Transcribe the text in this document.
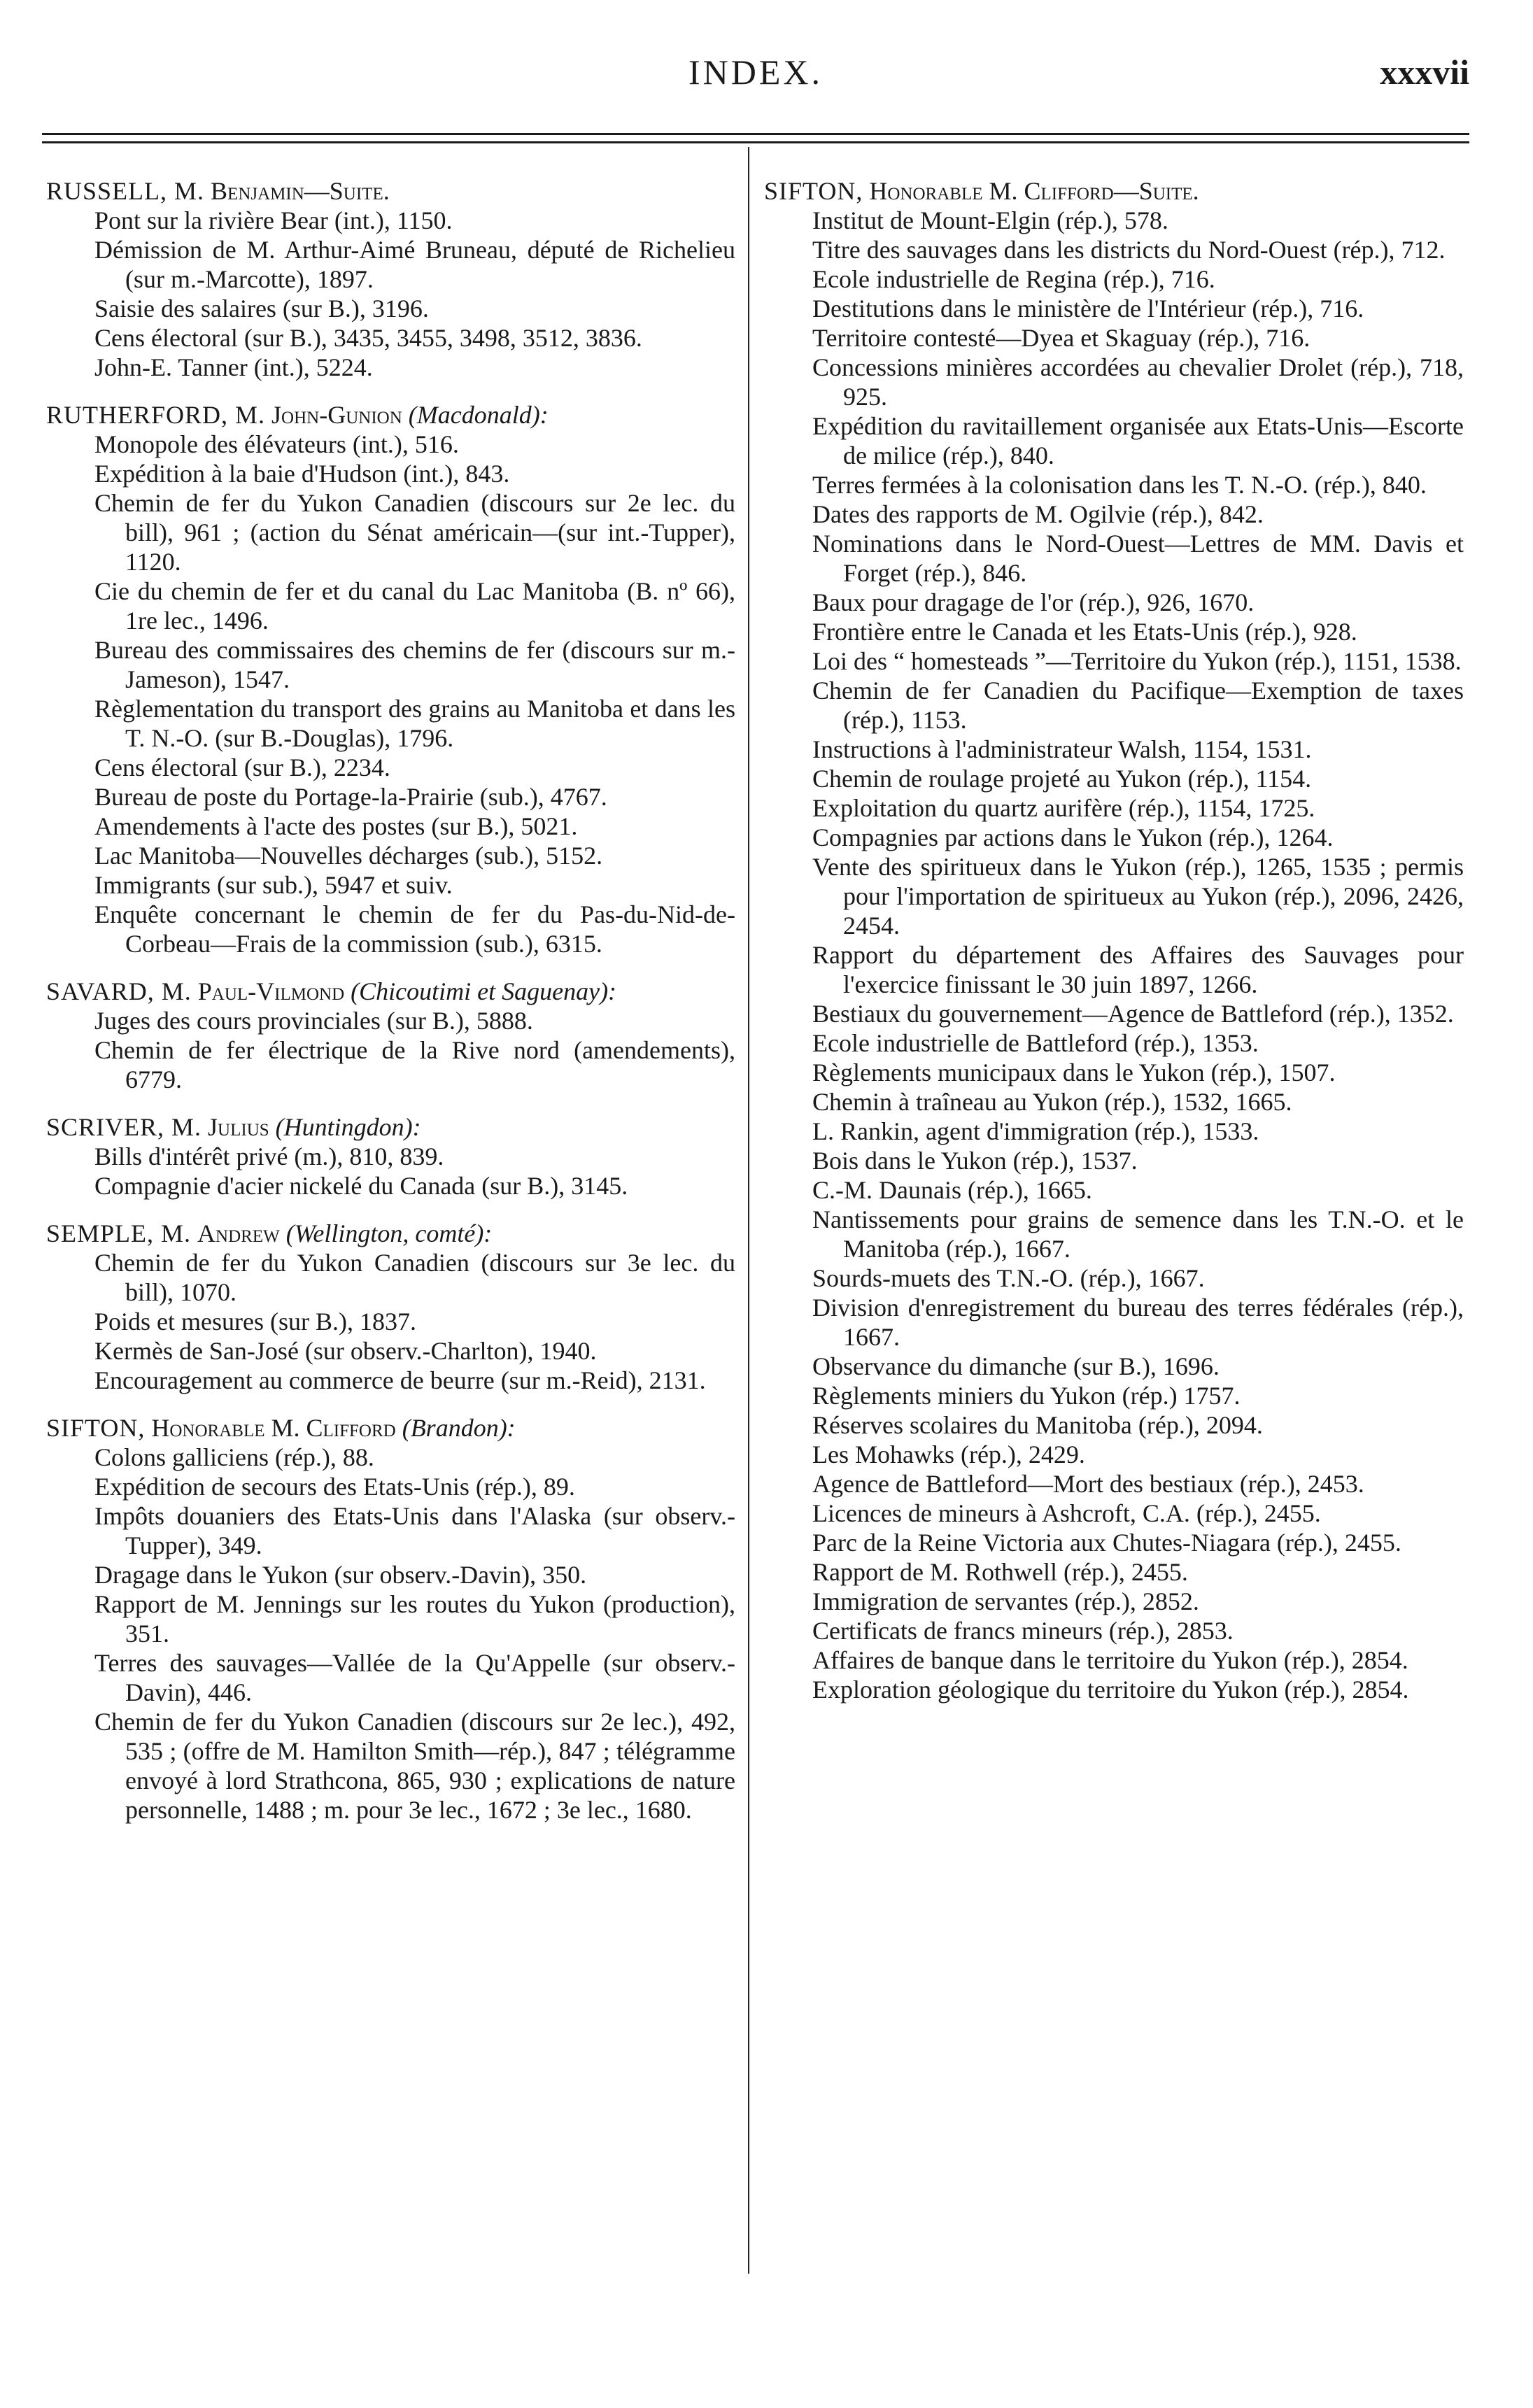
INDEX.	xxxvii

RUSSELL, M. Benjamin—Suite.

Pont sur la rivière Bear (int.), 1150.

Démission de M. Arthur-Aimé Bruneau, député de Richelieu (sur m.-Marcotte), 1897.

Saisie des salaires (sur B.), 3196.

Cens électoral (sur B.), 3435, 3455, 3498, 3512, 3836.

John-E. Tanner (int.), 5224.

RUTHERFORD, M. John-Gunion (Macdonald):

Monopole des élévateurs (int.), 516.

Expédition à la baie d'Hudson (int.), 843.

Chemin de fer du Yukon Canadien (discours sur 2e lec. du bill), 961 ; (action du Sénat américain—(sur int.-Tupper), 1120.

Cie du chemin de fer et du canal du Lac Manitoba (B. nº 66), 1re lec., 1496.

Bureau des commissaires des chemins de fer (discours sur m.-Jameson), 1547.

Règlementation du transport des grains au Manitoba et dans les T. N.-O. (sur B.-Douglas), 1796.

Cens électoral (sur B.), 2234.

Bureau de poste du Portage-la-Prairie (sub.), 4767.

Amendements à l'acte des postes (sur B.), 5021.

Lac Manitoba—Nouvelles décharges (sub.), 5152.

Immigrants (sur sub.), 5947 et suiv.

Enquête concernant le chemin de fer du Pas-du-Nid-de-Corbeau—Frais de la commission (sub.), 6315.

SAVARD, M. Paul-Vilmond (Chicoutimi et Saguenay):

Juges des cours provinciales (sur B.), 5888.

Chemin de fer électrique de la Rive nord (amendements), 6779.

SCRIVER, M. Julius (Huntingdon):

Bills d'intérêt privé (m.), 810, 839.

Compagnie d'acier nickelé du Canada (sur B.), 3145.

SEMPLE, M. Andrew (Wellington, comté):

Chemin de fer du Yukon Canadien (discours sur 3e lec. du bill), 1070.

Poids et mesures (sur B.), 1837.

Kermès de San-José (sur observ.-Charlton), 1940.

Encouragement au commerce de beurre (sur m.-Reid), 2131.

SIFTON, Honorable M. Clifford (Brandon):

Colons galliciens (rép.), 88.

Expédition de secours des Etats-Unis (rép.), 89.

Impôts douaniers des Etats-Unis dans l'Alaska (sur observ.-Tupper), 349.

Dragage dans le Yukon (sur observ.-Davin), 350.

Rapport de M. Jennings sur les routes du Yukon (production), 351.

Terres des sauvages—Vallée de la Qu'Appelle (sur observ.-Davin), 446.

Chemin de fer du Yukon Canadien (discours sur 2e lec.), 492, 535 ; (offre de M. Hamilton Smith—rép.), 847 ; télégramme envoyé à lord Strathcona, 865, 930 ; explications de nature personnelle, 1488 ; m. pour 3e lec., 1672 ; 3e lec., 1680.

SIFTON, Honorable M. Clifford—Suite.

Institut de Mount-Elgin (rép.), 578.

Titre des sauvages dans les districts du Nord-Ouest (rép.), 712.

Ecole industrielle de Regina (rép.), 716.

Destitutions dans le ministère de l'Intérieur (rép.), 716.

Territoire contesté—Dyea et Skaguay (rép.), 716.

Concessions minières accordées au chevalier Drolet (rép.), 718, 925.

Expédition du ravitaillement organisée aux Etats-Unis—Escorte de milice (rép.), 840.

Terres fermées à la colonisation dans les T. N.-O. (rép.), 840.

Dates des rapports de M. Ogilvie (rép.), 842.

Nominations dans le Nord-Ouest—Lettres de MM. Davis et Forget (rép.), 846.

Baux pour dragage de l'or (rép.), 926, 1670.

Frontière entre le Canada et les Etats-Unis (rép.), 928.

Loi des “ homesteads ”—Territoire du Yukon (rép.), 1151, 1538.

Chemin de fer Canadien du Pacifique—Exemption de taxes (rép.), 1153.

Instructions à l'administrateur Walsh, 1154, 1531.

Chemin de roulage projeté au Yukon (rép.), 1154.

Exploitation du quartz aurifère (rép.), 1154, 1725.

Compagnies par actions dans le Yukon (rép.), 1264.

Vente des spiritueux dans le Yukon (rép.), 1265, 1535 ; permis pour l'importation de spiritueux au Yukon (rép.), 2096, 2426, 2454.

Rapport du département des Affaires des Sauvages pour l'exercice finissant le 30 juin 1897, 1266.

Bestiaux du gouvernement—Agence de Battleford (rép.), 1352.

Ecole industrielle de Battleford (rép.), 1353.

Règlements municipaux dans le Yukon (rép.), 1507.

Chemin à traîneau au Yukon (rép.), 1532, 1665.

L. Rankin, agent d'immigration (rép.), 1533.

Bois dans le Yukon (rép.), 1537.

C.-M. Daunais (rép.), 1665.

Nantissements pour grains de semence dans les T.N.-O. et le Manitoba (rép.), 1667.

Sourds-muets des T.N.-O. (rép.), 1667.

Division d'enregistrement du bureau des terres fédérales (rép.), 1667.

Observance du dimanche (sur B.), 1696.

Règlements miniers du Yukon (rép.) 1757.

Réserves scolaires du Manitoba (rép.), 2094.

Les Mohawks (rép.), 2429.

Agence de Battleford—Mort des bestiaux (rép.), 2453.

Licences de mineurs à Ashcroft, C.A. (rép.), 2455.

Parc de la Reine Victoria aux Chutes-Niagara (rép.), 2455.

Rapport de M. Rothwell (rép.), 2455.

Immigration de servantes (rép.), 2852.

Certificats de francs mineurs (rép.), 2853.

Affaires de banque dans le territoire du Yukon (rép.), 2854.

Exploration géologique du territoire du Yukon (rép.), 2854.
